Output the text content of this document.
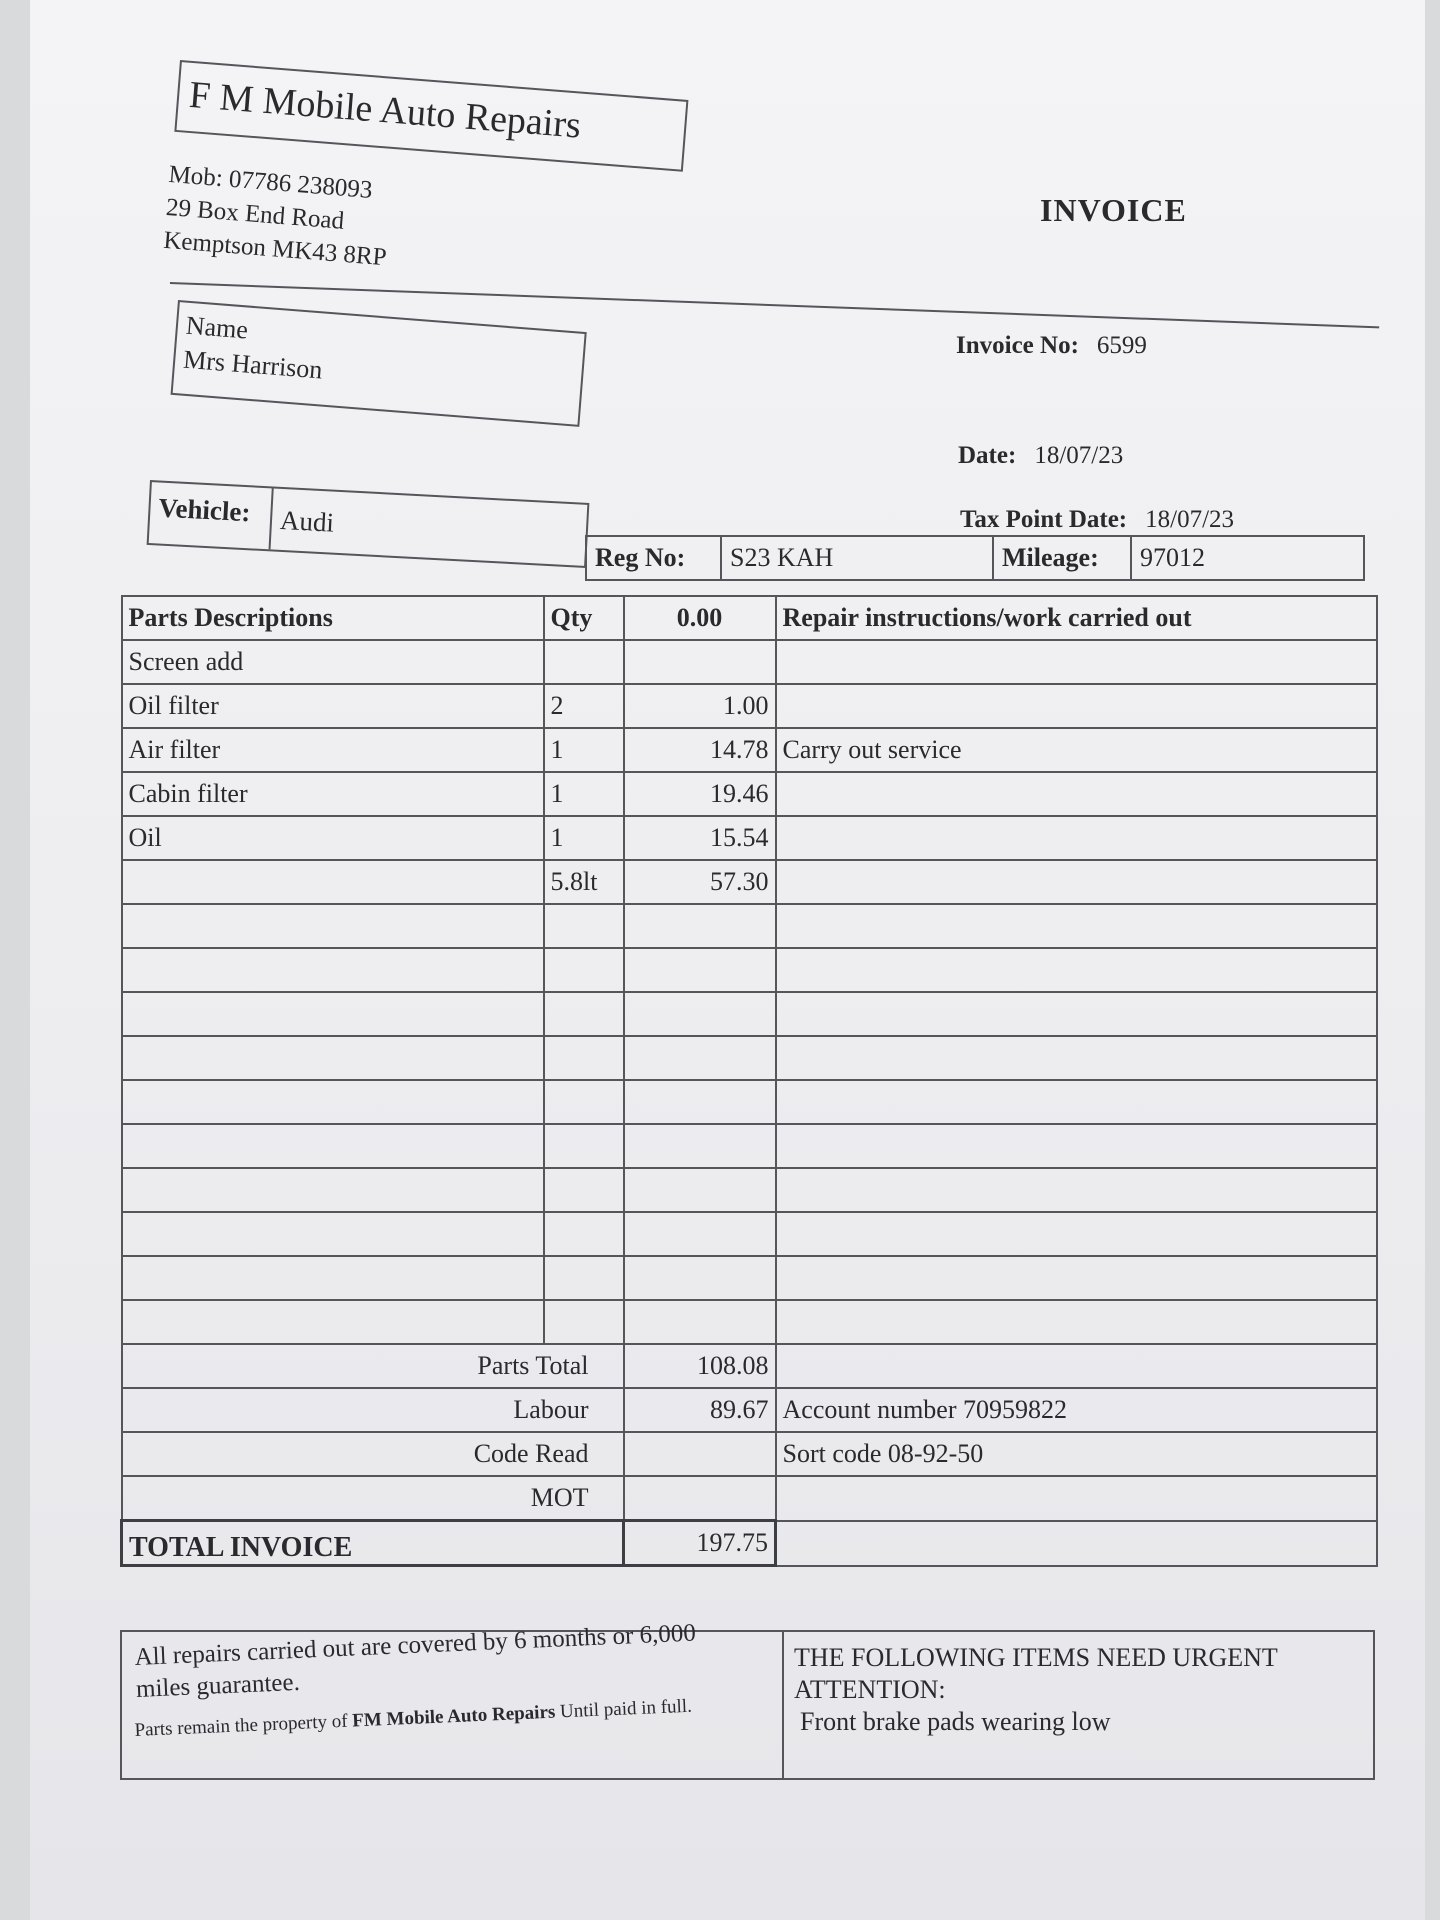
F M Mobile Auto Repairs
Mob: 07786 238093
29 Box End Road
Kemptson MK43 8RP
INVOICE
Name
Mrs Harrison	Invoice No: 6599
Date: 18/07/23
Tax Point Date: 18/07/23
Vehicle: Audi
Reg No:	S23 KAH	Mileage:	97012
Parts Descriptions	Qty	0.00	Repair instructions/work carried out
Screen add			
Oil filter	2	1.00	
Air filter	1	14.78	Carry out service
Cabin filter	1	19.46	
Oil	1	15.54	
	5.8lt	57.30	

Parts Total		108.08	
Labour		89.67	Account number 70959822
Code Read			Sort code 08-92-50
MOT			
TOTAL INVOICE		197.75	
All repairs carried out are covered by 6 months or 6,000 miles guarantee.
Parts remain the property of FM Mobile Auto Repairs Until paid in full.
THE FOLLOWING ITEMS NEED URGENT ATTENTION:
Front brake pads wearing low
